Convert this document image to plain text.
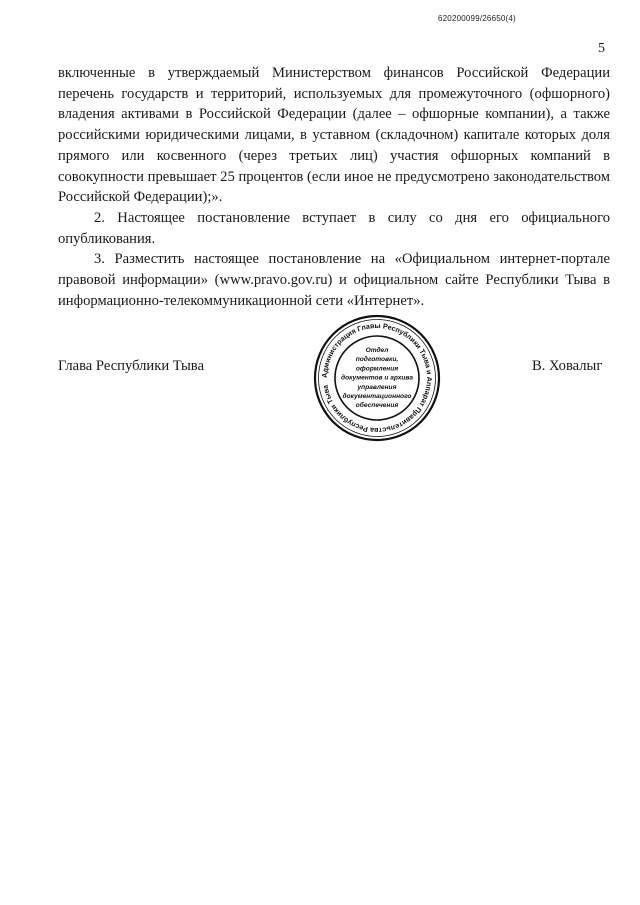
620200099/26650(4)
5

включенные в утверждаемый Министерством финансов Российской Федерации перечень государств и территорий, используемых для промежуточного (офшорного) владения активами в Российской Федерации (далее – офшорные компании), а также российскими юридическими лицами, в уставном (складочном) капитале которых доля прямого или косвенного (через третьих лиц) участия офшорных компаний в совокупности превышает 25 процентов (если иное не предусмотрено законодательством Российской Федерации);».

2. Настоящее постановление вступает в силу со дня его официального опубликования.

3. Разместить настоящее постановление на «Официальном интернет-портале правовой информации» (www.pravo.gov.ru) и официальном сайте Республики Тыва в информационно-телекоммуникационной сети «Интернет».

Глава Республики Тывa
Администрация Главы Республики Тыва и Аппарат Правительства Республики Тыва
Отдел
подготовки,
оформления
документов и архива
управления
документационного
обеспечения
В. Ховалыг
